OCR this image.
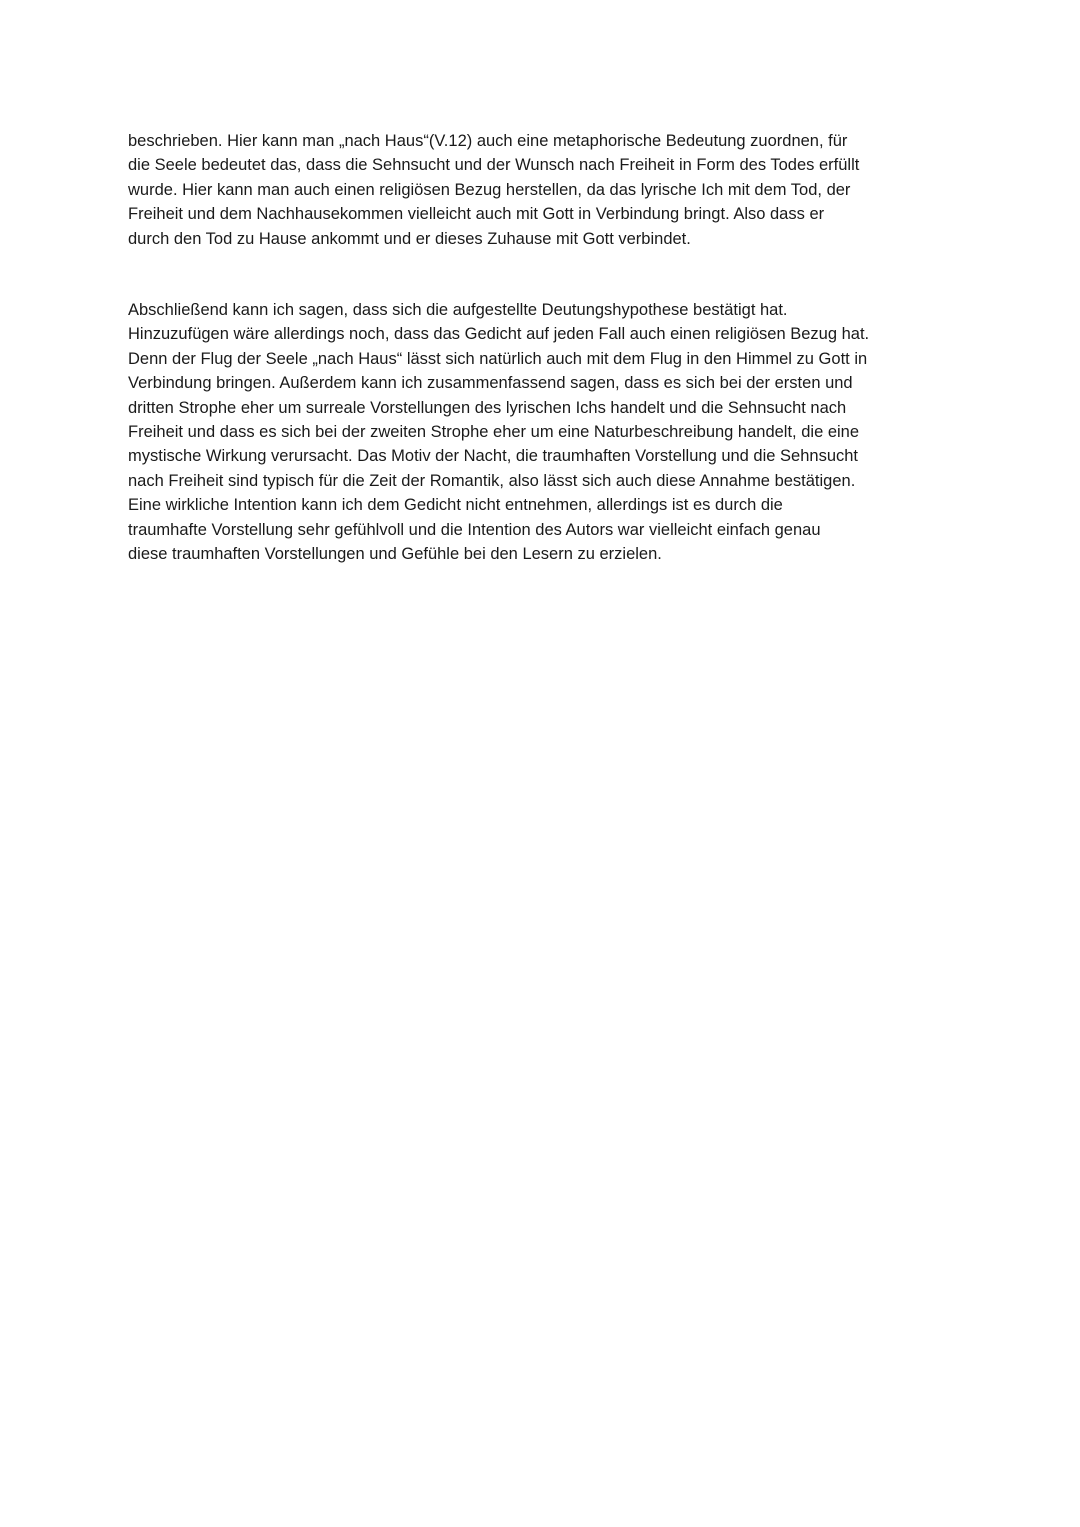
beschrieben. Hier kann man „nach Haus“(V.12) auch eine metaphorische Bedeutung zuordnen, für
die Seele bedeutet das, dass die Sehnsucht und der Wunsch nach Freiheit in Form des Todes erfüllt
wurde. Hier kann man auch einen religiösen Bezug herstellen, da das lyrische Ich mit dem Tod, der
Freiheit und dem Nachhausekommen vielleicht auch mit Gott in Verbindung bringt. Also dass er
durch den Tod zu Hause ankommt und er dieses Zuhause mit Gott verbindet.

Abschließend kann ich sagen, dass sich die aufgestellte Deutungshypothese bestätigt hat.
Hinzuzufügen wäre allerdings noch, dass das Gedicht auf jeden Fall auch einen religiösen Bezug hat.
Denn der Flug der Seele „nach Haus“ lässt sich natürlich auch mit dem Flug in den Himmel zu Gott in
Verbindung bringen. Außerdem kann ich zusammenfassend sagen, dass es sich bei der ersten und
dritten Strophe eher um surreale Vorstellungen des lyrischen Ichs handelt und die Sehnsucht nach
Freiheit und dass es sich bei der zweiten Strophe eher um eine Naturbeschreibung handelt, die eine
mystische Wirkung verursacht. Das Motiv der Nacht, die traumhaften Vorstellung und die Sehnsucht
nach Freiheit sind typisch für die Zeit der Romantik, also lässt sich auch diese Annahme bestätigen.
Eine wirkliche Intention kann ich dem Gedicht nicht entnehmen, allerdings ist es durch die
traumhafte Vorstellung sehr gefühlvoll und die Intention des Autors war vielleicht einfach genau
diese traumhaften Vorstellungen und Gefühle bei den Lesern zu erzielen.
